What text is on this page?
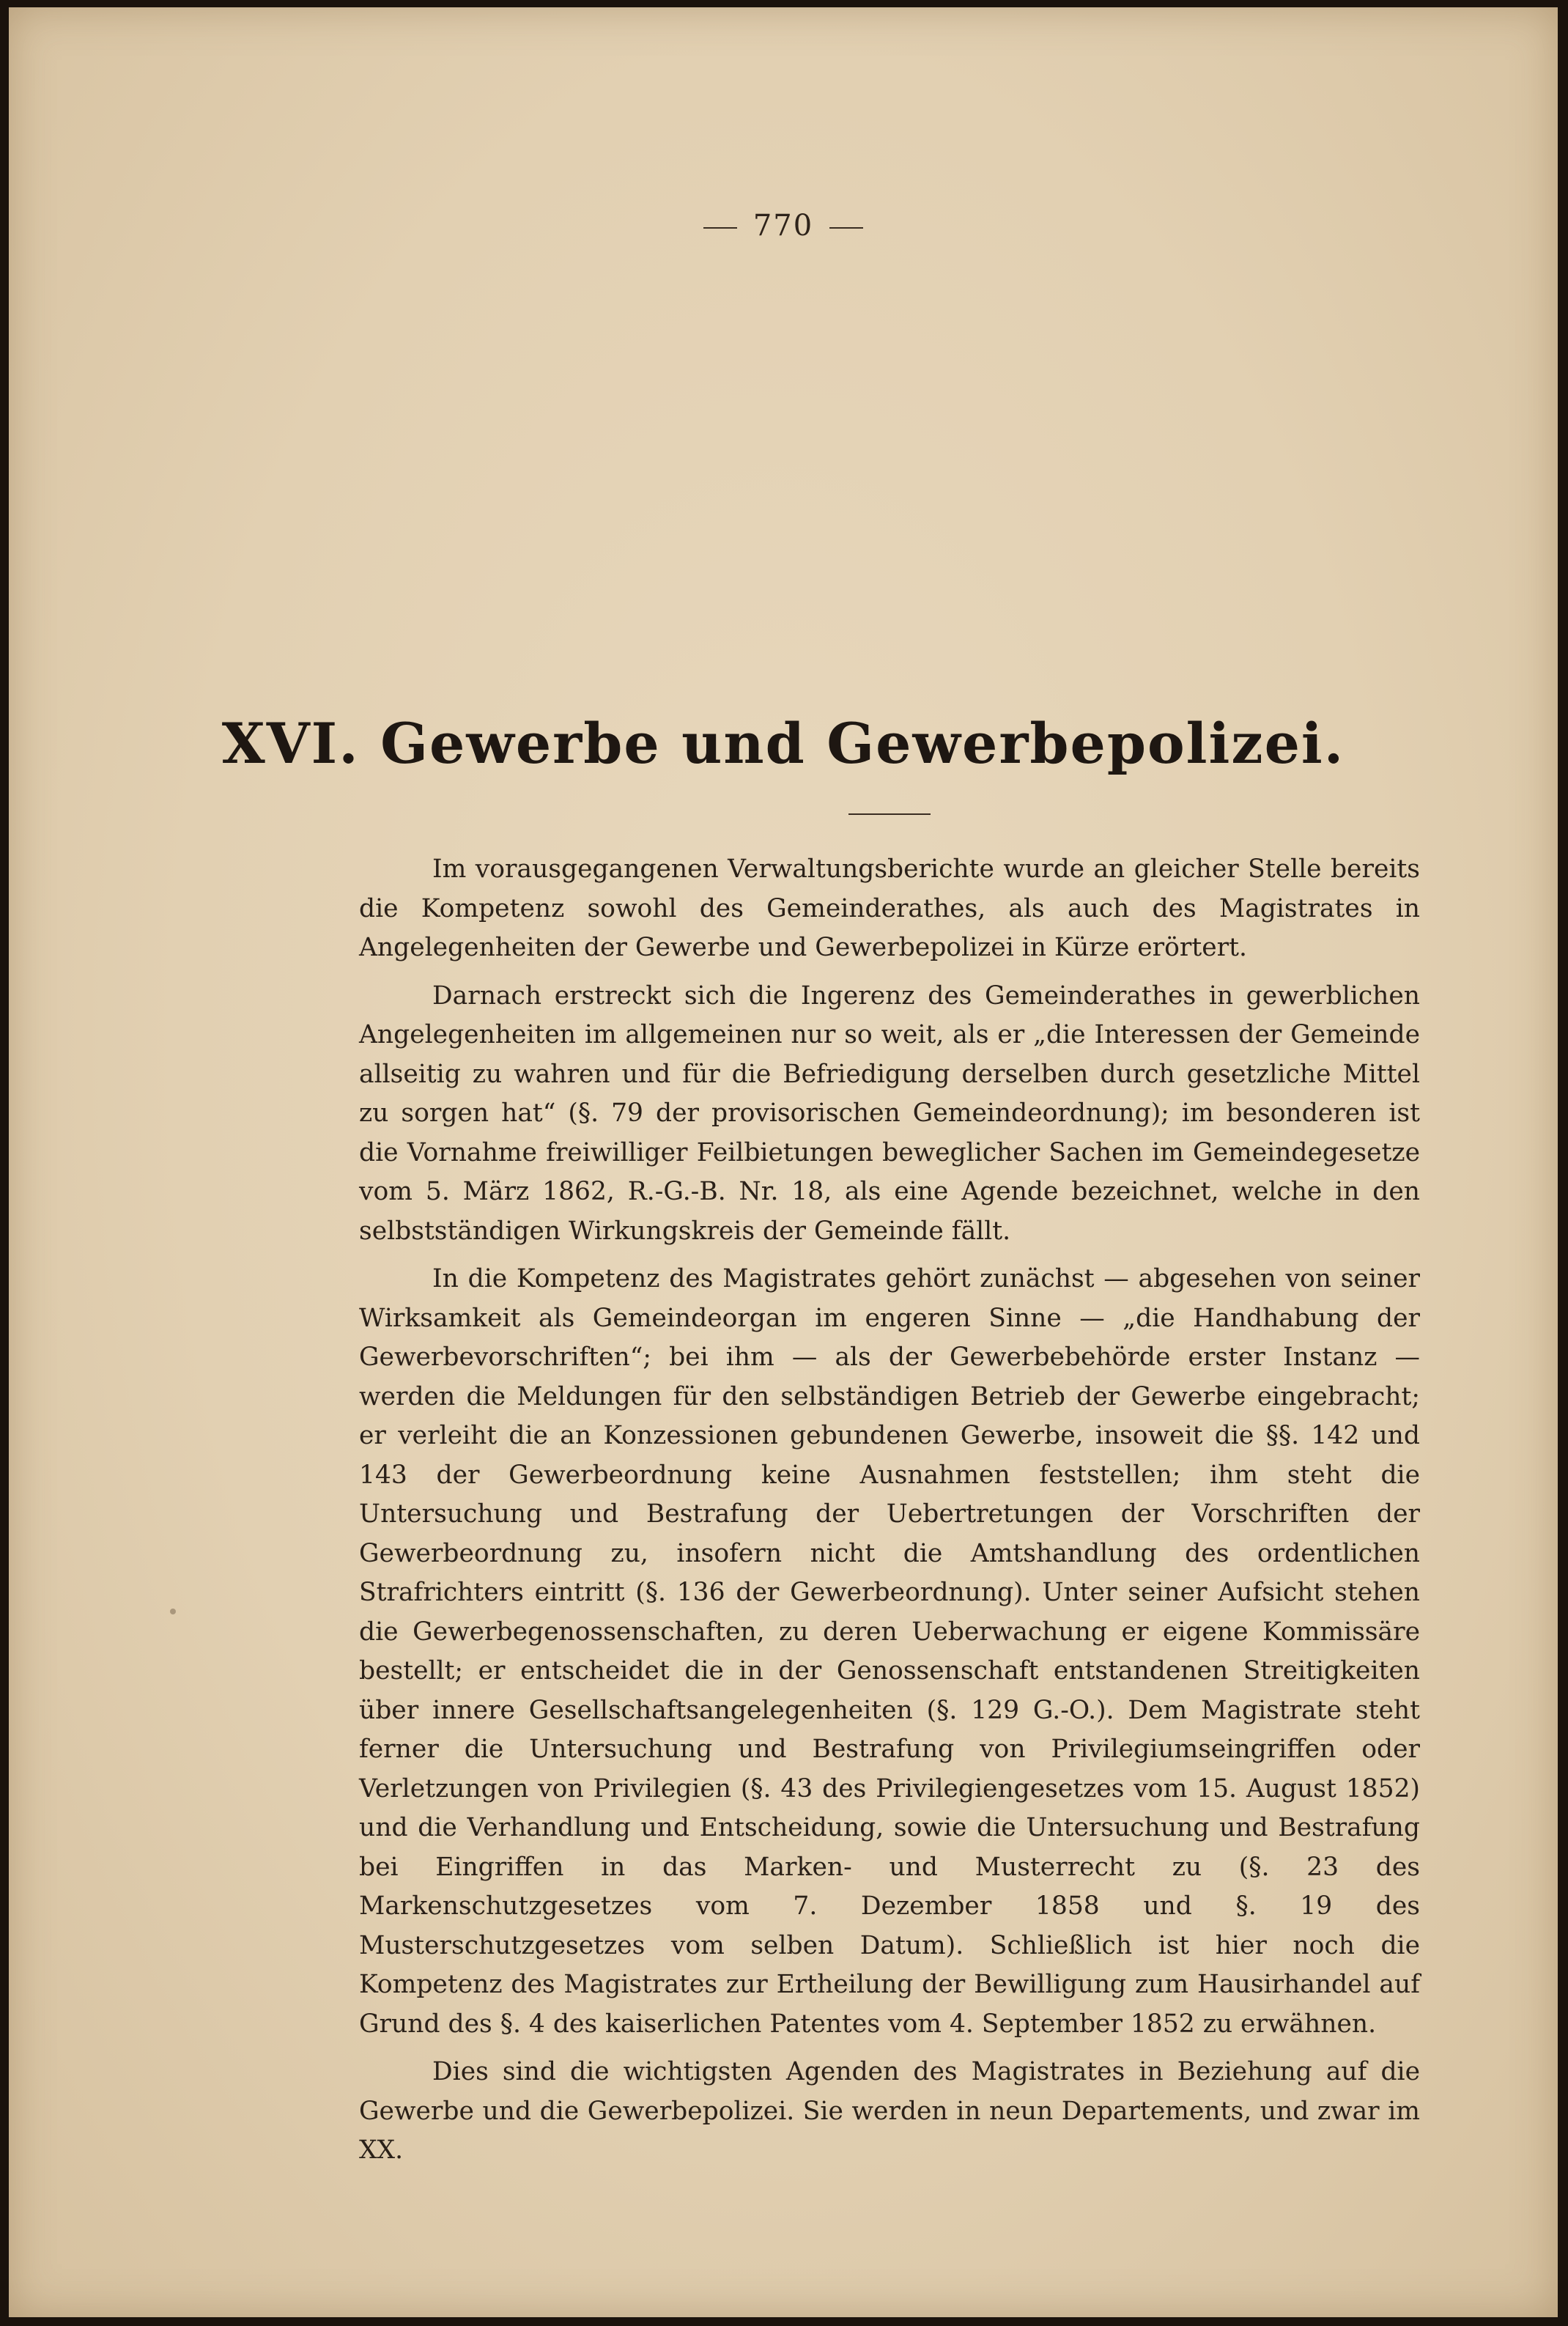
770
XVI. Gewerbe und Gewerbepolizei.

Im vorausgegangenen Verwaltungsberichte wurde an gleicher Stelle bereits die Kompetenz sowohl des Gemeinderathes, als auch des Magistrates in Angelegenheiten der Gewerbe und Gewerbepolizei in Kürze erörtert.

Darnach erstreckt sich die Ingerenz des Gemeinderathes in gewerblichen Angelegenheiten im allgemeinen nur so weit, als er „die Interessen der Gemeinde allseitig zu wahren und für die Befriedigung derselben durch gesetzliche Mittel zu sorgen hat“ (§. 79 der provisorischen Gemeindeordnung); im besonderen ist die Vornahme freiwilliger Feilbietungen beweglicher Sachen im Gemeindegesetze vom 5. März 1862, R.-G.-B. Nr. 18, als eine Agende bezeichnet, welche in den selbstständigen Wirkungskreis der Gemeinde fällt.

In die Kompetenz des Magistrates gehört zunächst — abgesehen von seiner Wirksamkeit als Gemeindeorgan im engeren Sinne — „die Handhabung der Gewerbevorschriften“; bei ihm — als der Gewerbebehörde erster Instanz — werden die Meldungen für den selbständigen Betrieb der Gewerbe eingebracht; er verleiht die an Konzessionen gebundenen Gewerbe, insoweit die §§. 142 und 143 der Gewerbeordnung keine Ausnahmen feststellen; ihm steht die Untersuchung und Bestrafung der Uebertretungen der Vorschriften der Gewerbeordnung zu, insofern nicht die Amtshandlung des ordentlichen Strafrichters eintritt (§. 136 der Gewerbeordnung). Unter seiner Aufsicht stehen die Gewerbegenossenschaften, zu deren Ueberwachung er eigene Kommissäre bestellt; er entscheidet die in der Genossenschaft entstandenen Streitigkeiten über innere Gesellschaftsangelegenheiten (§. 129 G.-O.). Dem Magistrate steht ferner die Untersuchung und Bestrafung von Privilegiumseingriffen oder Verletzungen von Privilegien (§. 43 des Privilegiengesetzes vom 15. August 1852) und die Verhandlung und Entscheidung, sowie die Untersuchung und Bestrafung bei Eingriffen in das Marken- und Musterrecht zu (§. 23 des Markenschutzgesetzes vom 7. Dezember 1858 und §. 19 des Musterschutzgesetzes vom selben Datum). Schließlich ist hier noch die Kompetenz des Magistrates zur Ertheilung der Bewilligung zum Hausirhandel auf Grund des §. 4 des kaiserlichen Patentes vom 4. September 1852 zu erwähnen.

Dies sind die wichtigsten Agenden des Magistrates in Beziehung auf die Gewerbe und die Gewerbepolizei. Sie werden in neun Departements, und zwar im XX.
